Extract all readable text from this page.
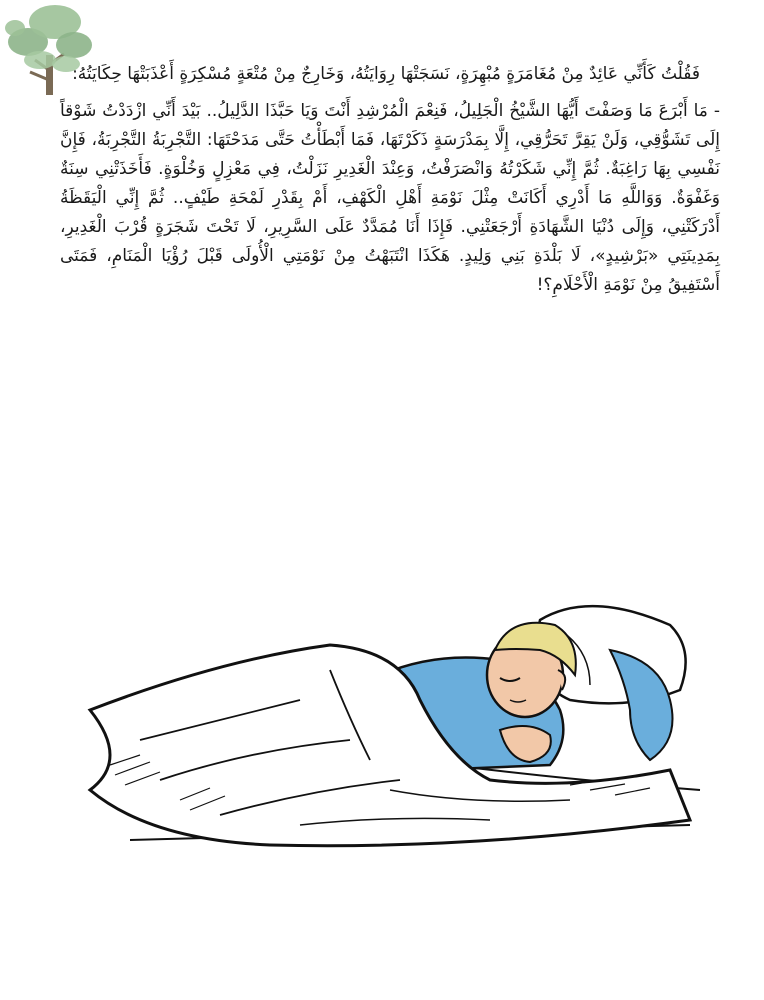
فَقُلْتُ كَأَنِّي عَائِدٌ مِنْ مُغَامَرَةٍ مُبْهِرَةٍ، نَسَجَتْهَا رِوَايَتُهُ، وَخَارِجٌ مِنْ مُتْعَةٍ مُسْكِرَةٍ أَعْذَبَتْهَا حِكَايَتُهُ:

-مَا أَبْرَعَ مَا وَصَفْتَ أَيُّهَا الشَّيْخُ الْجَلِيلُ، فَنِعْمَ الْمُرْشِدِ أَنْتَ وَيَا حَبَّذَا الدَّلِيلُ.. بَيْدَ أَنِّي ازْدَدْتُ شَوْقاً إِلَى تَشَوُّقِي، وَلَنْ يَقِرَّ تَحَرُّقِي، إِلَّا بِمَدْرَسَةٍ ذَكَرْتَهَا، فَمَا أَبْطَأْتُ حَتَّى مَدَحْتَهَا: التَّجْرِبَةُ التَّجْرِبَةُ، فَإِنَّ نَفْسِي بِهَا رَاغِبَةٌ. ثُمَّ إِنِّي شَكَرْتُهُ وَانْصَرَفْتُ، وَعِنْدَ الْغَدِيرِ نَزَلْتُ، فِي مَعْزِلٍ وَخُلْوَةٍ. فَأَخَذَتْنِي سِنَةٌ وَغَفْوَةٌ. وَوَاللَّهِ مَا أَدْرِي أَكَانَتْ مِثْلَ نَوْمَةِ أَهْلِ الْكَهْفِ، أَمْ بِقَدْرِ لَمْحَةِ طَيْفٍ.. ثُمَّ إِنِّي الْيَقَظَةُ أَدْرَكَتْنِي، وَإِلَى دُنْيَا الشَّهَادَةِ أَرْجَعَتْنِي. فَإِذَا أَنَا مُمَدَّدٌ عَلَى السَّرِيرِ، لَا تَحْتَ شَجَرَةٍ قُرْبَ الْغَدِيرِ، بِمَدِينَتِي «بَرْشِيدٍ»، لَا بَلْدَةِ بَنِي وَلِيدٍ. هَكَذَا انْتَبَهْتُ مِنْ نَوْمَتِي الْأُولَى قَبْلَ رُؤْيَا الْمَنَامِ، فَمَتَى أَسْتَفِيقُ مِنْ نَوْمَةِ الْأَحْلَامِ؟!
